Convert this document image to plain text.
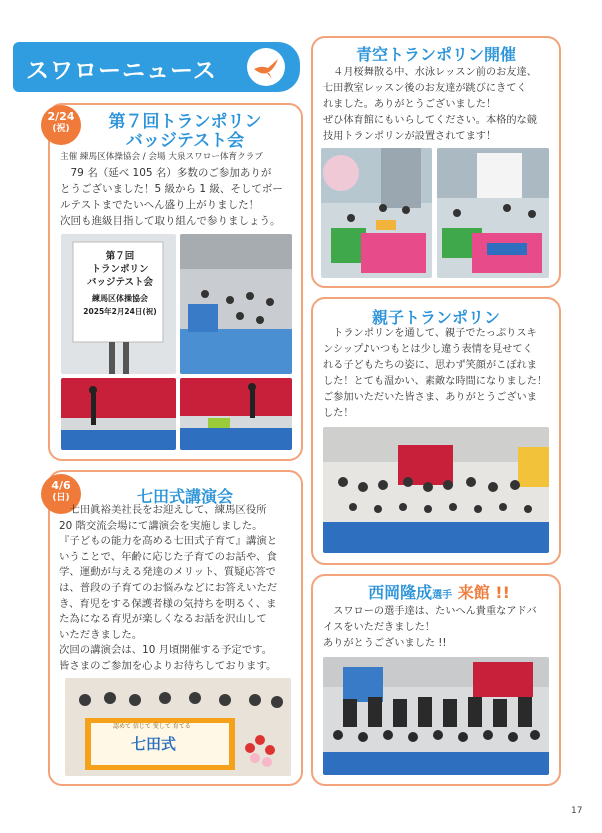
スワローニュース
2/24
(祝)	第７回トランポリン
バッジテスト会
主催 練馬区体操協会 / 会場 大泉スワロー体育クラブ
　79 名（延べ 105 名）多数のご参加ありが
とうございました！5 級から 1 級、そしてボー
ルテストまでたいへん盛り上がりました！
次回も進級目指して取り組んで参りましょう。
第７回
トランポリン
バッジテスト会
練馬区体操協会
2025年2月24日(祝)
4/6
(日)	七田式講演会
　七田眞裕美社長をお迎えして、練馬区役所
20 階交流会場にて講演会を実施しました。
『子どもの能力を高める七田式子育て』講演と
いうことで、年齢に応じた子育てのお話や、食
学、運動が与える発達のメリット、質疑応答で
は、普段の子育てのお悩みなどにお答えいただ
き、育児をする保護者様の気持ちを明るく、ま
た為になる育児が楽しくなるお話を沢山して
いただきました。
次回の講演会は、10 月頃開催する予定です。
皆さまのご参加を心よりお待ちしております。
七田式
認めて 信じて 愛して 育てる
青空トランポリン開催
　４月桜舞散る中、水泳レッスン前のお友達、
七田教室レッスン後のお友達が跳びにきてく
れました。ありがとうございました！
ぜひ体育館にもいらしてください。本格的な競
技用トランポリンが設置されてます！
親子トランポリン
　トランポリンを通して、親子でたっぷりスキ
ンシップ♪いつもとは少し違う表情を見せてく
れる子どもたちの姿に、思わず笑顔がこぼれま
した！とても温かい、素敵な時間になりました！
ご参加いただいた皆さま、ありがとうございま
した！
西岡隆成選手 来館 !!
　スワローの選手達は、たいへん貴重なアドバ
イスをいただきました！
ありがとうございました !!
17
